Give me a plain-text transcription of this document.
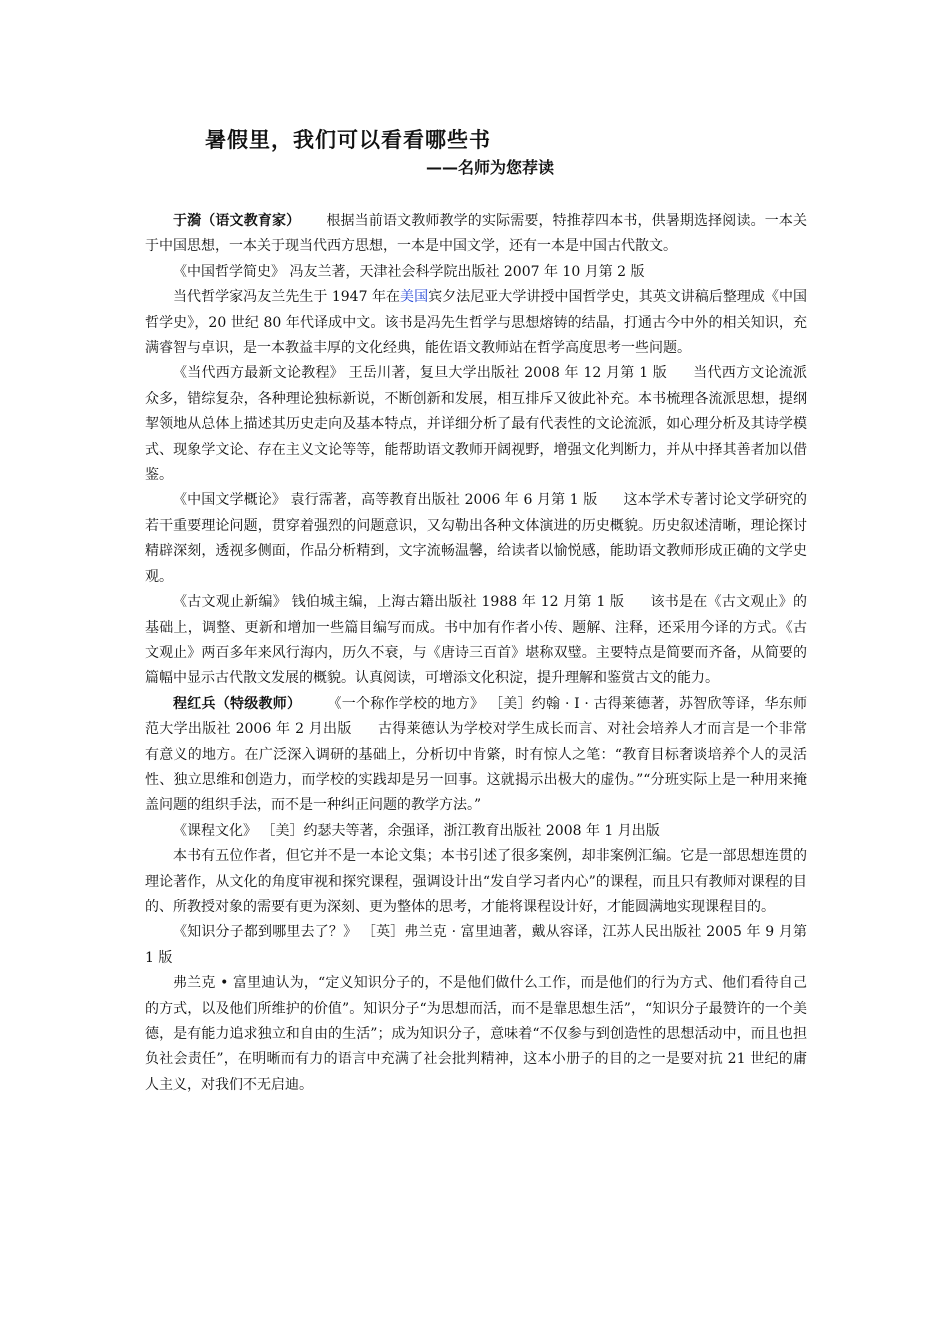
暑假里，我们可以看看哪些书
——名师为您荐读

于漪（语文教育家） 根据当前语文教师教学的实际需要，特推荐四本书，供暑期选择阅读。一本关于中国思想，一本关于现当代西方思想，一本是中国文学，还有一本是中国古代散文。

《中国哲学简史》 冯友兰著，天津社会科学院出版社 2007 年 10 月第 2 版

当代哲学家冯友兰先生于 1947 年在美国宾夕法尼亚大学讲授中国哲学史，其英文讲稿后整理成《中国哲学史》，20 世纪 80 年代译成中文。该书是冯先生哲学与思想熔铸的结晶，打通古今中外的相关知识，充满睿智与卓识，是一本教益丰厚的文化经典，能佐语文教师站在哲学高度思考一些问题。

《当代西方最新文论教程》 王岳川著，复旦大学出版社 2008 年 12 月第 1 版 当代西方文论流派众多，错综复杂，各种理论独标新说，不断创新和发展，相互排斥又彼此补充。本书梳理各流派思想，提纲挈领地从总体上描述其历史走向及基本特点，并详细分析了最有代表性的文论流派，如心理分析及其诗学模式、现象学文论、存在主义文论等等，能帮助语文教师开阔视野，增强文化判断力，并从中择其善者加以借鉴。

《中国文学概论》 袁行霈著，高等教育出版社 2006 年 6 月第 1 版 这本学术专著讨论文学研究的若干重要理论问题，贯穿着强烈的问题意识，又勾勒出各种文体演进的历史概貌。历史叙述清晰，理论探讨精辟深刻，透视多侧面，作品分析精到，文字流畅温馨，给读者以愉悦感，能助语文教师形成正确的文学史观。

《古文观止新编》 钱伯城主编，上海古籍出版社 1988 年 12 月第 1 版 该书是在《古文观止》的基础上，调整、更新和增加一些篇目编写而成。书中加有作者小传、题解、注释，还采用今译的方式。《古文观止》两百多年来风行海内，历久不衰，与《唐诗三百首》堪称双璧。主要特点是简要而齐备，从简要的篇幅中显示古代散文发展的概貌。认真阅读，可增添文化积淀，提升理解和鉴赏古文的能力。

程红兵（特级教师） 《一个称作学校的地方》 ［美］约翰 · I · 古得莱德著，苏智欣等译，华东师范大学出版社 2006 年 2 月出版 古得莱德认为学校对学生成长而言、对社会培养人才而言是一个非常有意义的地方。在广泛深入调研的基础上，分析切中肯綮，时有惊人之笔：“教育目标奢谈培养个人的灵活性、独立思维和创造力，而学校的实践却是另一回事。这就揭示出极大的虚伪。”“分班实际上是一种用来掩盖问题的组织手法，而不是一种纠正问题的教学方法。”

《课程文化》 ［美］约瑟夫等著，余强译，浙江教育出版社 2008 年 1 月出版

本书有五位作者，但它并不是一本论文集；本书引述了很多案例，却非案例汇编。它是一部思想连贯的理论著作，从文化的角度审视和探究课程，强调设计出“发自学习者内心”的课程，而且只有教师对课程的目的、所教授对象的需要有更为深刻、更为整体的思考，才能将课程设计好，才能圆满地实现课程目的。

《知识分子都到哪里去了？》 ［英］弗兰克 · 富里迪著，戴从容译，江苏人民出版社 2005 年 9 月第 1 版

弗兰克 • 富里迪认为，“定义知识分子的，不是他们做什么工作，而是他们的行为方式、他们看待自己的方式，以及他们所维护的价值”。知识分子“为思想而活，而不是靠思想生活”，“知识分子最赞许的一个美德，是有能力追求独立和自由的生活”；成为知识分子，意味着“不仅参与到创造性的思想活动中，而且也担负社会责任”，在明晰而有力的语言中充满了社会批判精神，这本小册子的目的之一是要对抗 21 世纪的庸人主义，对我们不无启迪。
